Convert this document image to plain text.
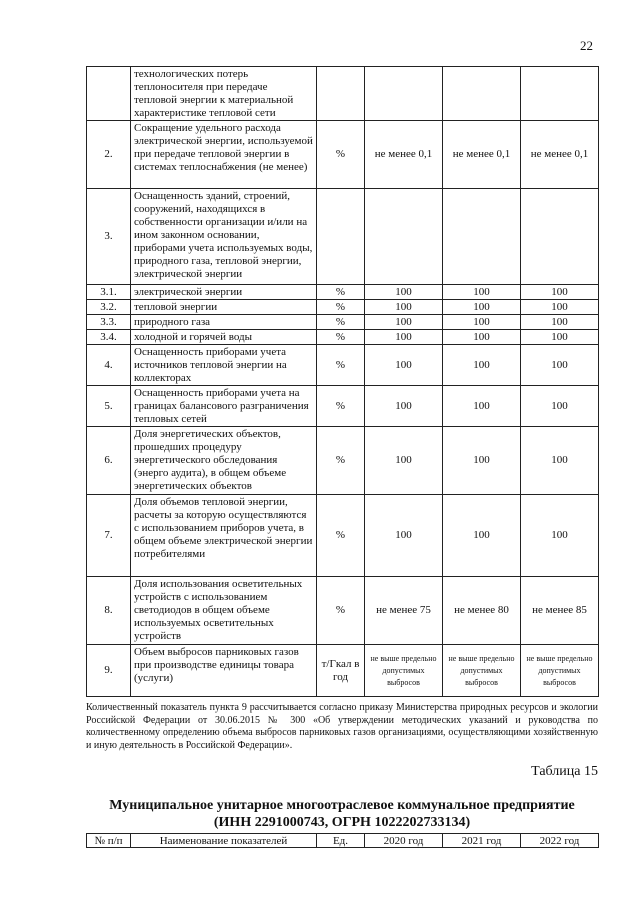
22
	технологических потерь теплоносителя при передаче тепловой энергии к материальной характеристике тепловой сети				
2.	Сокращение удельного расхода электрической энергии, используемой при передаче тепловой энергии в системах теплоснабжения (не менее)	%	не менее 0,1	не менее 0,1	не менее 0,1
3.	Оснащенность зданий, строений, сооружений, находящихся в собственности организации и/или на ином законном основании, приборами учета используемых воды, природного газа, тепловой энергии, электрической энергии				
3.1.	электрической энергии	%	100	100	100
3.2.	тепловой энергии	%	100	100	100
3.3.	природного газа	%	100	100	100
3.4.	холодной и горячей воды	%	100	100	100
4.	Оснащенность приборами учета источников тепловой энергии на коллекторах	%	100	100	100
5.	Оснащенность приборами учета на границах балансового разграничения тепловых сетей	%	100	100	100
6.	Доля энергетических объектов, прошедших процедуру энергетического обследования (энерго аудита), в общем объеме энергетических объектов	%	100	100	100
7.	Доля объемов тепловой энергии, расчеты за которую осуществляются с использованием приборов учета, в общем объеме электрической энергии потребителями	%	100	100	100
8.	Доля использования осветительных устройств с использованием светодиодов в общем объеме используемых осветительных устройств	%	не менее 75	не менее 80	не менее 85
9.	Объем выбросов парниковых газов при производстве единицы товара (услуги)	т/Гкал в год	не выше предельно допустимых выбросов	не выше предельно допустимых выбросов	не выше предельно допустимых выбросов
Количественный показатель пункта 9 рассчитывается согласно приказу Министерства природных ресурсов и экологии Российской Федерации от 30.06.2015 № 300 «Об утверждении методических указаний и руководства по количественному определению объема выбросов парниковых газов организациями, осуществляющими хозяйственную и иную деятельность в Российской Федерации».
Таблица 15
Муниципальное унитарное многоотраслевое коммунальное предприятие
(ИНН 2291000743, ОГРН 1022202733134)
№ п/п	Наименование показателей	Ед.	2020 год	2021 год	2022 год
